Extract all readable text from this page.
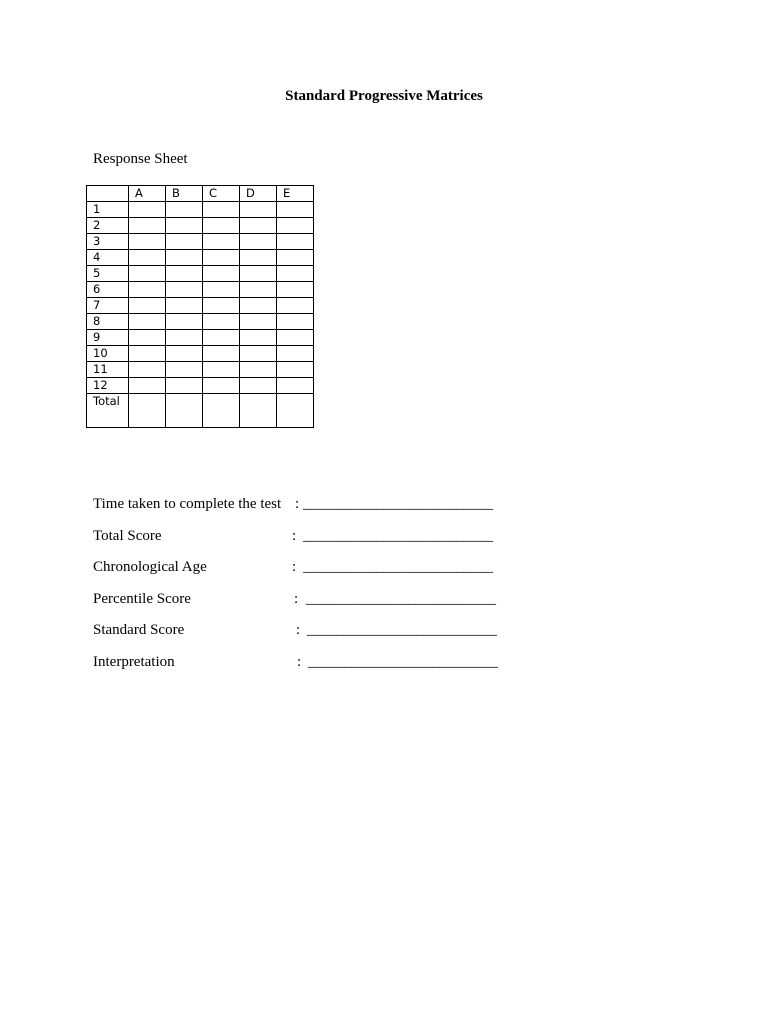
Standard Progressive Matrices
Response Sheet
	A	B	C	D	E
1					
2					
3					
4					
5					
6					
7					
8					
9					
10					
11					
12					
Total					
Time taken to complete the test : __________________________
Total Score	: __________________________
Chronological Age	: __________________________
Percentile Score	: __________________________
Standard Score	: __________________________
Interpretation	: __________________________
